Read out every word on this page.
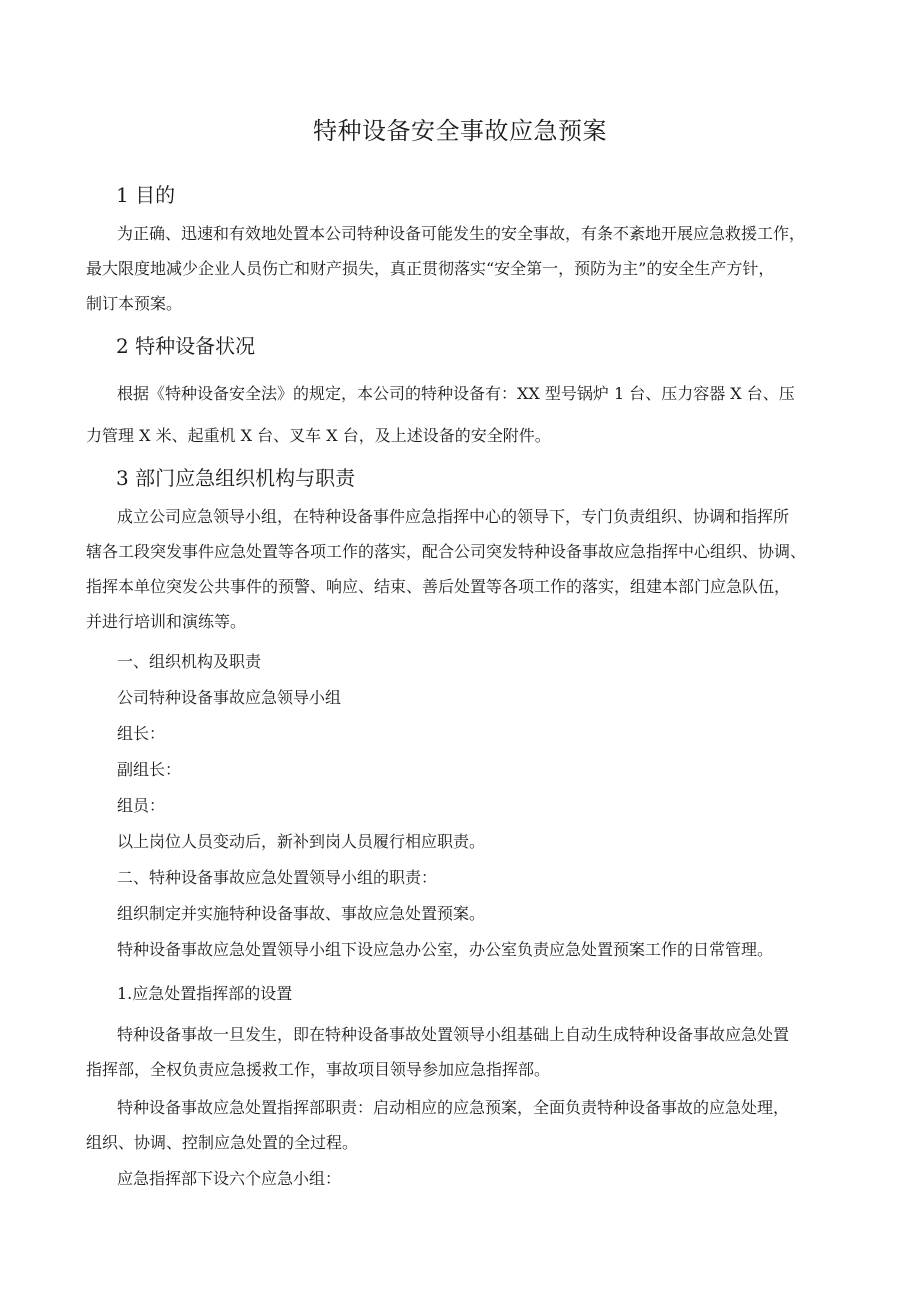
特种设备安全事故应急预案
1 目的

为正确、迅速和有效地处置本公司特种设备可能发生的安全事故，有条不紊地开展应急救援工作，

最大限度地减少企业人员伤亡和财产损失，真正贯彻落实“安全第一，预防为主”的安全生产方针，

制订本预案。

2 特种设备状况

根据《特种设备安全法》的规定，本公司的特种设备有：XX 型号锅炉 1 台、压力容器 X 台、压

力管理 X 米、起重机 X 台、叉车 X 台，及上述设备的安全附件。

3 部门应急组织机构与职责

成立公司应急领导小组，在特种设备事件应急指挥中心的领导下，专门负责组织、协调和指挥所

辖各工段突发事件应急处置等各项工作的落实，配合公司突发特种设备事故应急指挥中心组织、协调、

指挥本单位突发公共事件的预警、响应、结束、善后处置等各项工作的落实，组建本部门应急队伍，

并进行培训和演练等。

一、组织机构及职责

公司特种设备事故应急领导小组

组长：

副组长：

组员：

以上岗位人员变动后，新补到岗人员履行相应职责。

二、特种设备事故应急处置领导小组的职责：

组织制定并实施特种设备事故、事故应急处置预案。

特种设备事故应急处置领导小组下设应急办公室，办公室负责应急处置预案工作的日常管理。

1.应急处置指挥部的设置

特种设备事故一旦发生，即在特种设备事故处置领导小组基础上自动生成特种设备事故应急处置

指挥部，全权负责应急援救工作，事故项目领导参加应急指挥部。

特种设备事故应急处置指挥部职责：启动相应的应急预案，全面负责特种设备事故的应急处理，

组织、协调、控制应急处置的全过程。

应急指挥部下设六个应急小组：
